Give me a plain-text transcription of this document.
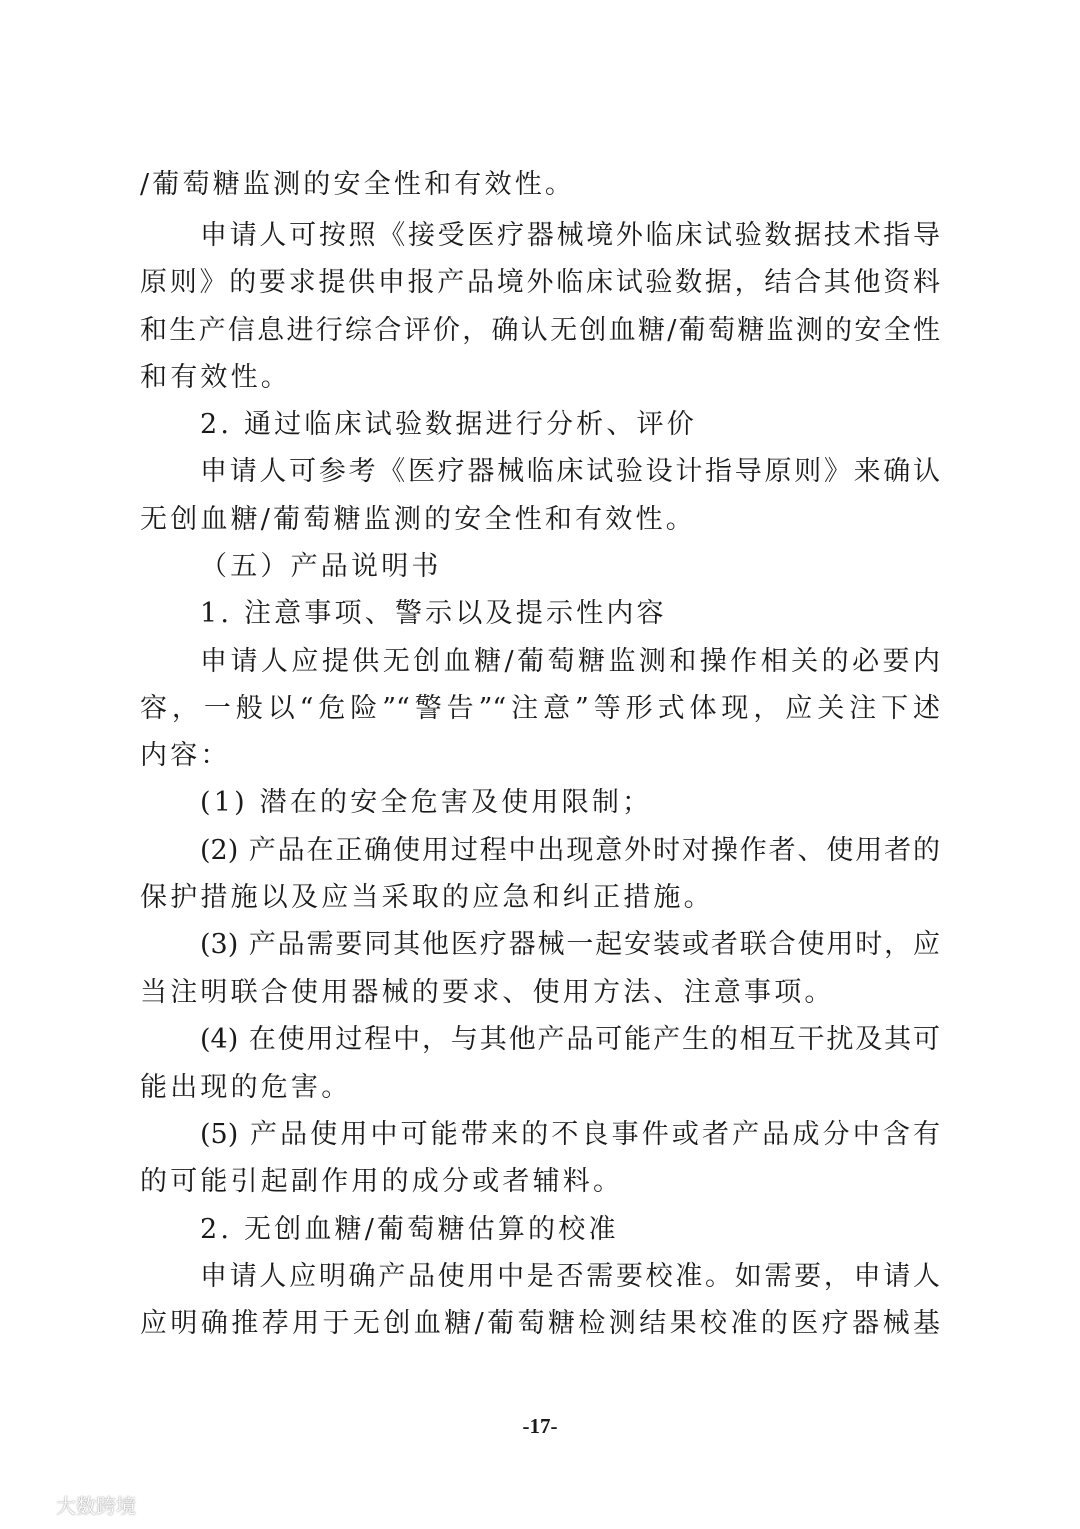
/葡萄糖监测的安全性和有效性。
申请人可按照《接受医疗器械境外临床试验数据技术指导
原则》的要求提供申报产品境外临床试验数据，结合其他资料
和生产信息进行综合评价，确认无创血糖/葡萄糖监测的安全性
和有效性。
2. 通过临床试验数据进行分析、评价
申请人可参考《医疗器械临床试验设计指导原则》来确认
无创血糖/葡萄糖监测的安全性和有效性。
（五）产品说明书
1. 注意事项、警示以及提示性内容
申请人应提供无创血糖/葡萄糖监测和操作相关的必要内
容，一般以“危险”“警告”“注意”等形式体现，应关注下述
内容：
(1) 潜在的安全危害及使用限制；
(2) 产品在正确使用过程中出现意外时对操作者、使用者的
保护措施以及应当采取的应急和纠正措施。
(3) 产品需要同其他医疗器械一起安装或者联合使用时，应
当注明联合使用器械的要求、使用方法、注意事项。
(4) 在使用过程中，与其他产品可能产生的相互干扰及其可
能出现的危害。
(5) 产品使用中可能带来的不良事件或者产品成分中含有
的可能引起副作用的成分或者辅料。
2. 无创血糖/葡萄糖估算的校准
申请人应明确产品使用中是否需要校准。如需要，申请人
应明确推荐用于无创血糖/葡萄糖检测结果校准的医疗器械基
-17-
大数跨境
